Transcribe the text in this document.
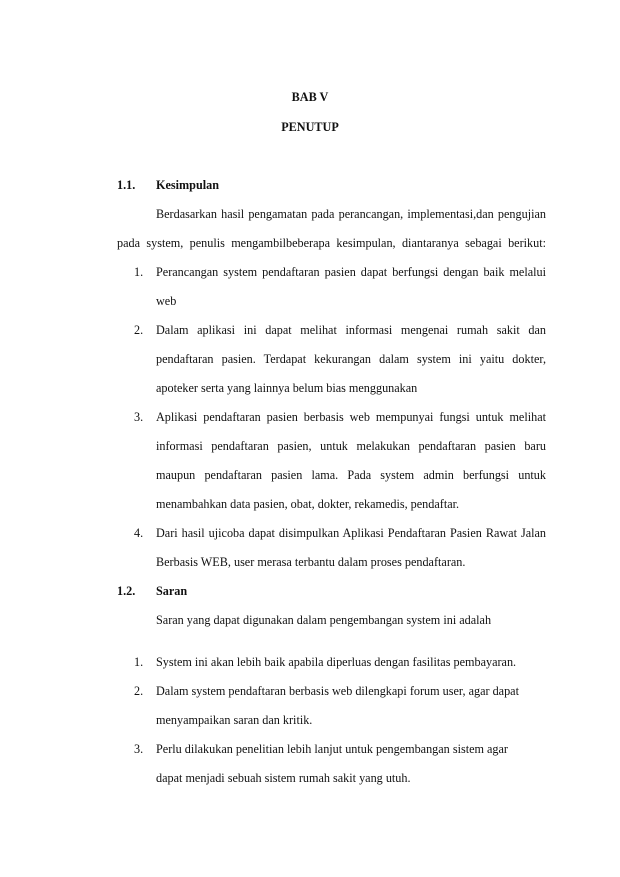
BAB V
PENUTUP
1.1. Kesimpulan
Berdasarkan hasil pengamatan pada perancangan, implementasi,dan pengujian
pada system, penulis mengambilbeberapa kesimpulan, diantaranya sebagai berikut:
1. Perancangan system pendaftaran pasien dapat berfungsi dengan baik melalui
web
2. Dalam aplikasi ini dapat melihat informasi mengenai rumah sakit dan
pendaftaran pasien. Terdapat kekurangan dalam system ini yaitu dokter,
apoteker serta yang lainnya belum bias menggunakan
3. Aplikasi pendaftaran pasien berbasis web mempunyai fungsi untuk melihat
informasi pendaftaran pasien, untuk melakukan pendaftaran pasien baru
maupun pendaftaran pasien lama. Pada system admin berfungsi untuk
menambahkan data pasien, obat, dokter, rekamedis, pendaftar.
4. Dari hasil ujicoba dapat disimpulkan Aplikasi Pendaftaran Pasien Rawat Jalan
Berbasis WEB, user merasa terbantu dalam proses pendaftaran.
1.2. Saran
Saran yang dapat digunakan dalam pengembangan system ini adalah
1. System ini akan lebih baik apabila diperluas dengan fasilitas pembayaran.
2. Dalam system pendaftaran berbasis web dilengkapi forum user, agar dapat
menyampaikan saran dan kritik.
3. Perlu dilakukan penelitian lebih lanjut untuk pengembangan sistem agar
dapat menjadi sebuah sistem rumah sakit yang utuh.
